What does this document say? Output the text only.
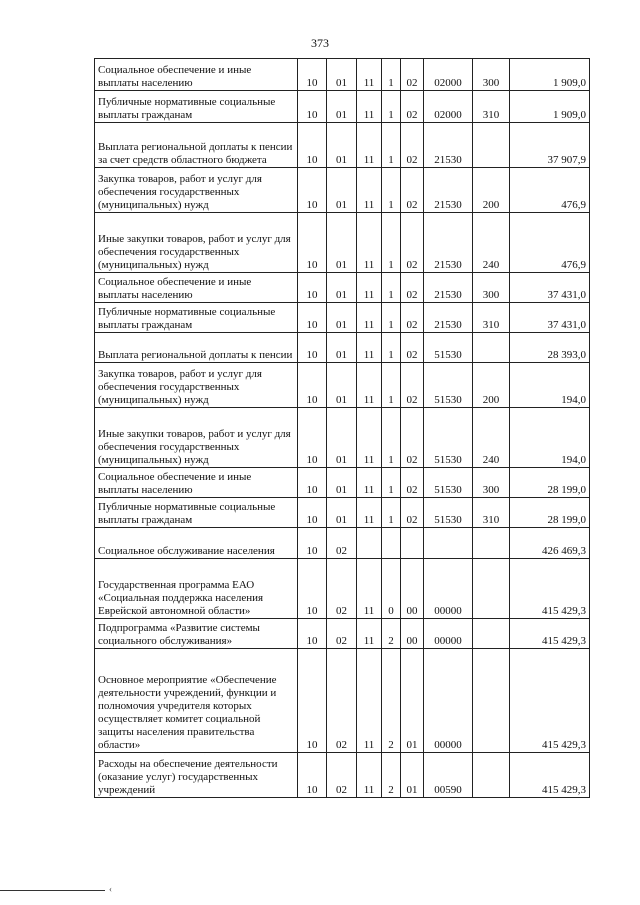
373
Социальное обеспечение и иные выплаты населению	10	01	11	1	02	02000	300	1 909,0

Публичные нормативные социальные выплаты гражданам	10	01	11	1	02	02000	310	1 909,0

Выплата региональной доплаты к пенсии за счет средств областного бюджета	10	01	11	1	02	21530		37 907,9

Закупка товаров, работ и услуг для обеспечения государственных (муниципальных) нужд	10	01	11	1	02	21530	200	476,9

Иные закупки товаров, работ и услуг для обеспечения государственных (муниципальных) нужд	10	01	11	1	02	21530	240	476,9

Социальное обеспечение и иные выплаты населению	10	01	11	1	02	21530	300	37 431,0

Публичные нормативные социальные выплаты гражданам	10	01	11	1	02	21530	310	37 431,0

Выплата региональной доплаты к пенсии	10	01	11	1	02	51530		28 393,0

Закупка товаров, работ и услуг для обеспечения государственных (муниципальных) нужд	10	01	11	1	02	51530	200	194,0

Иные закупки товаров, работ и услуг для обеспечения государственных (муниципальных) нужд	10	01	11	1	02	51530	240	194,0

Социальное обеспечение и иные выплаты населению	10	01	11	1	02	51530	300	28 199,0

Публичные нормативные социальные выплаты гражданам	10	01	11	1	02	51530	310	28 199,0

Социальное обслуживание населения	10	02						426 469,3

Государственная программа ЕАО «Социальная поддержка населения Еврейской автономной области»	10	02	11	0	00	00000		415 429,3

Подпрограмма «Развитие системы социального обслуживания»	10	02	11	2	00	00000		415 429,3

Основное мероприятие «Обеспечение деятельности учреждений, функции и полномочия учредителя которых осуществляет комитет социальной защиты населения правительства области»	10	02	11	2	01	00000		415 429,3

Расходы на обеспечение деятельности (оказание услуг) государственных учреждений	10	02	11	2	01	00590		415 429,3
‹
